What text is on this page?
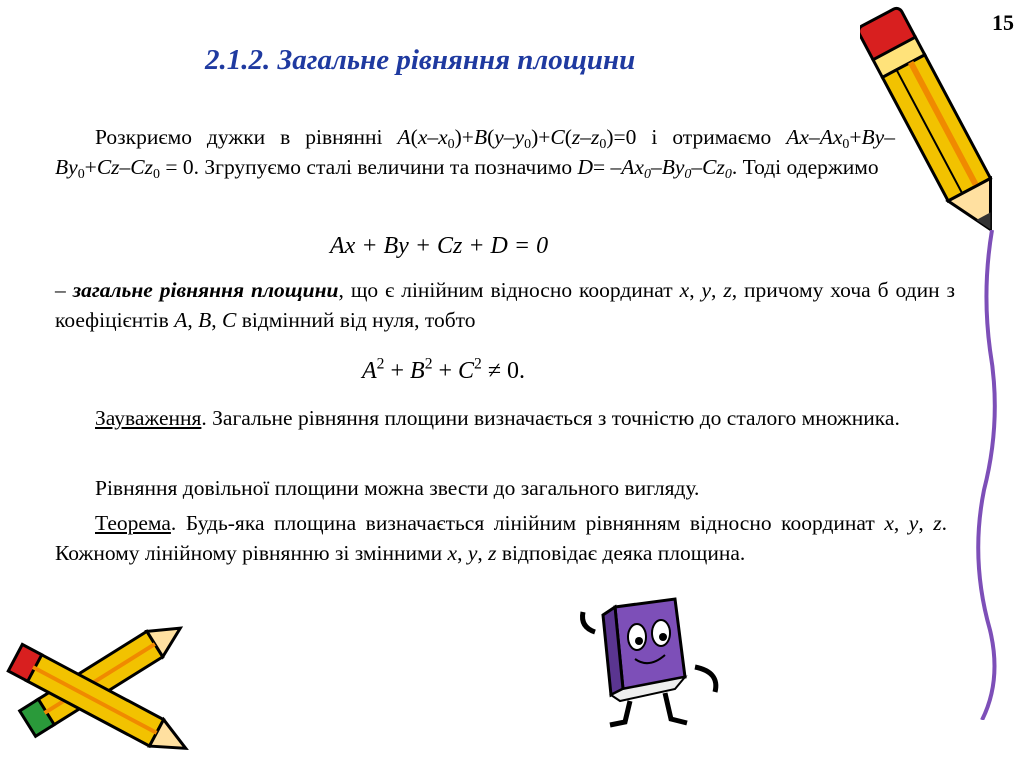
15
2.1.2. Загальне рівняння площини
Розкриємо дужки в рівнянні $A(x-x_0)+B(y-y_0)+C(z-z_0)=0$ і отримаємо $Ax-Ax_0+By-By_0+Cz-Cz_0 = 0$. Згрупуємо сталі величини та позначимо $D= -Ax_0-By_0-Cz_0$. Тоді одержимо
Ax + By + Cz + D = 0
– загальне рівняння площини, що є лінійним відносно координат x, y, z, причому хоча б один з коефіцієнтів A, B, C відмінний від нуля, тобто
$A^2 + B^2 + C^2 \ne 0$.
Зауваження. Загальне рівняння площини визначається з точністю до сталого множника.
Рівняння довільної площини можна звести до загального вигляду.
Теорема. Будь-яка площина визначається лінійним рівнянням відносно координат x, y, z. Кожному лінійному рівнянню зі змінними x, y, z відповідає деяка площина.
